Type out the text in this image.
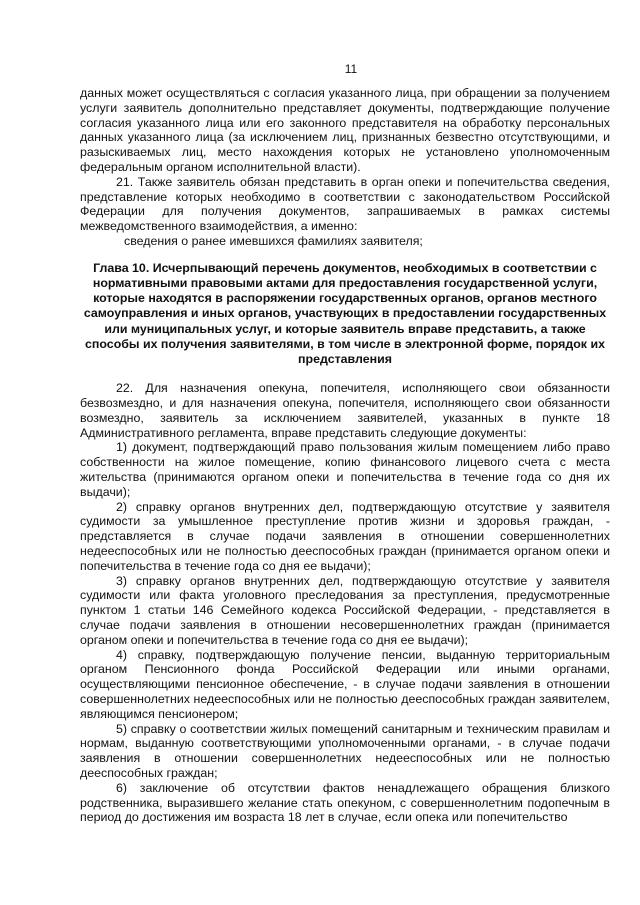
11

данных может осуществляться с согласия указанного лица, при обращении за получением услуги заявитель дополнительно представляет документы, подтверждающие получение согласия указанного лица или его законного представителя на обработку персональных данных указанного лица (за исключением лиц, признанных безвестно отсутствующими, и разыскиваемых лиц, место нахождения которых не установлено уполномоченным федеральным органом исполнительной власти).

21. Также заявитель обязан представить в орган опеки и попечительства сведения, представление которых необходимо в соответствии с законодательством Российской Федерации для получения документов, запрашиваемых в рамках системы межведомственного взаимодействия, а именно:

сведения о ранее имевшихся фамилиях заявителя;

Глава 10. Исчерпывающий перечень документов, необходимых в соответствии с нормативными правовыми актами для предоставления государственной услуги, которые находятся в распоряжении государственных органов, органов местного самоуправления и иных органов, участвующих в предоставлении государственных или муниципальных услуг, и которые заявитель вправе представить, а также способы их получения заявителями, в том числе в электронной форме, порядок их представления

22. Для назначения опекуна, попечителя, исполняющего свои обязанности безвозмездно, и для назначения опекуна, попечителя, исполняющего свои обязанности возмездно, заявитель за исключением заявителей, указанных в пункте 18 Административного регламента, вправе представить следующие документы:

1) документ, подтверждающий право пользования жилым помещением либо право собственности на жилое помещение, копию финансового лицевого счета с места жительства (принимаются органом опеки и попечительства в течение года со дня их выдачи);

2) справку органов внутренних дел, подтверждающую отсутствие у заявителя судимости за умышленное преступление против жизни и здоровья граждан, - представляется в случае подачи заявления в отношении совершеннолетних недееспособных или не полностью дееспособных граждан (принимается органом опеки и попечительства в течение года со дня ее выдачи);

3) справку органов внутренних дел, подтверждающую отсутствие у заявителя судимости или факта уголовного преследования за преступления, предусмотренные пунктом 1 статьи 146 Семейного кодекса Российской Федерации, - представляется в случае подачи заявления в отношении несовершеннолетних граждан (принимается органом опеки и попечительства в течение года со дня ее выдачи);

4) справку, подтверждающую получение пенсии, выданную территориальным органом Пенсионного фонда Российской Федерации или иными органами, осуществляющими пенсионное обеспечение, - в случае подачи заявления в отношении совершеннолетних недееспособных или не полностью дееспособных граждан заявителем, являющимся пенсионером;

5) справку о соответствии жилых помещений санитарным и техническим правилам и нормам, выданную соответствующими уполномоченными органами, - в случае подачи заявления в отношении совершеннолетних недееспособных или не полностью дееспособных граждан;

6) заключение об отсутствии фактов ненадлежащего обращения близкого родственника, выразившего желание стать опекуном, с совершеннолетним подопечным в период до достижения им возраста 18 лет в случае, если опека или попечительство
